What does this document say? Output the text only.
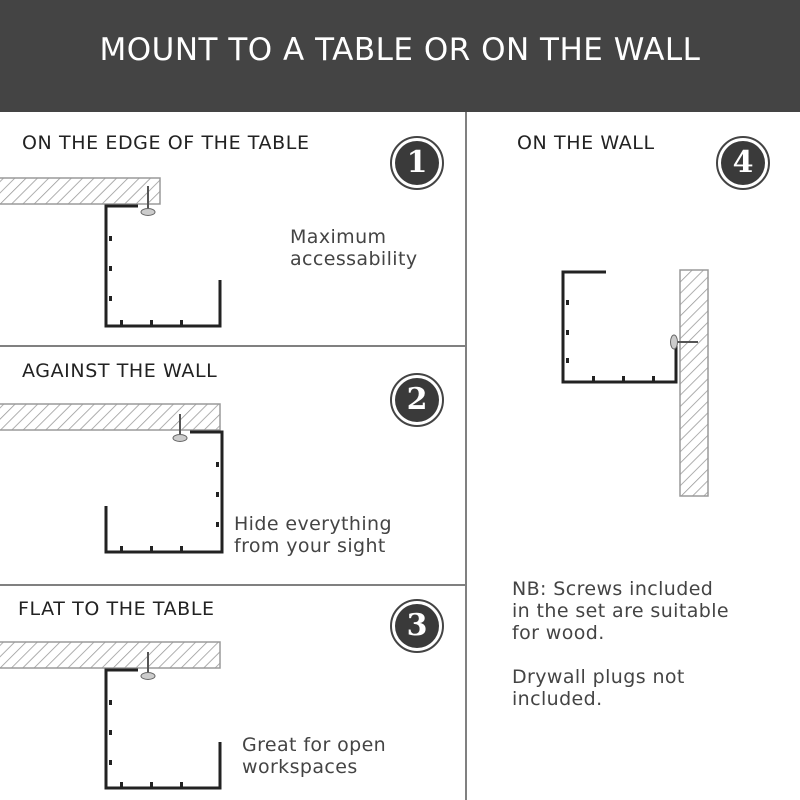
MOUNT TO A TABLE OR ON THE WALL
ON THE EDGE OF THE TABLE
1
Maximum
accessability
AGAINST THE WALL
2
Hide everything
from your sight
FLAT TO THE TABLE	3
Great for open
workspaces
ON THE WALL
4
NB: Screws included
in the set are suitable
for wood.
Drywall plugs not
included.
